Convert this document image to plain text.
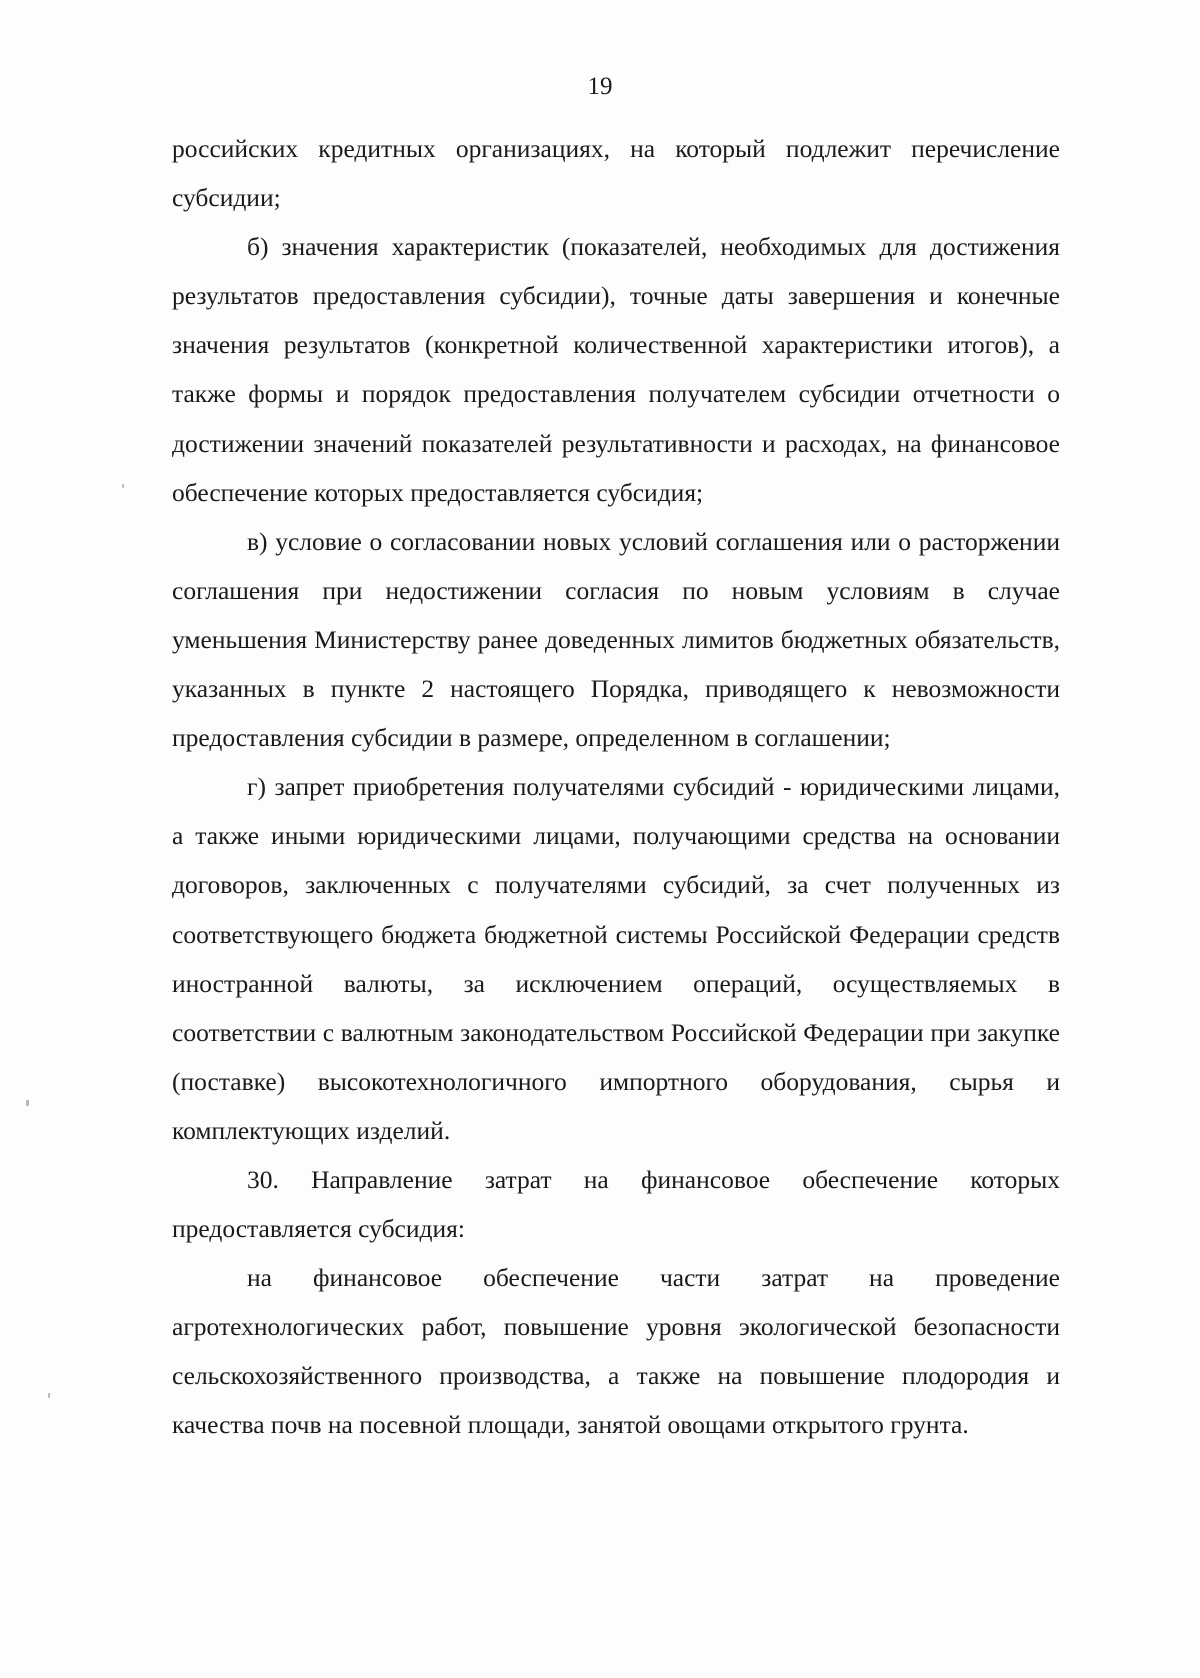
19

российских кредитных организациях, на который подлежит перечисление субсидии;

б) значения характеристик (показателей, необходимых для достижения результатов предоставления субсидии), точные даты завершения и конечные значения результатов (конкретной количественной характеристики итогов), а также формы и порядок предоставления получателем субсидии отчетности о достижении значений показателей результативности и расходах, на финансовое обеспечение которых предоставляется субсидия;

в) условие о согласовании новых условий соглашения или о расторжении соглашения при недостижении согласия по новым условиям в случае уменьшения Министерству ранее доведенных лимитов бюджетных обязательств, указанных в пункте 2 настоящего Порядка, приводящего к невозможности предоставления субсидии в размере, определенном в соглашении;

г) запрет приобретения получателями субсидий - юридическими лицами, а также иными юридическими лицами, получающими средства на основании договоров, заключенных с получателями субсидий, за счет полученных из соответствующего бюджета бюджетной системы Российской Федерации средств иностранной валюты, за исключением операций, осуществляемых в соответствии с валютным законодательством Российской Федерации при закупке (поставке) высокотехнологичного импортного оборудования, сырья и комплектующих изделий.

30. Направление затрат на финансовое обеспечение которых предоставляется субсидия:

на финансовое обеспечение части затрат на проведение агротехнологических работ, повышение уровня экологической безопасности сельскохозяйственного производства, а также на повышение плодородия и качества почв на посевной площади, занятой овощами открытого грунта.
